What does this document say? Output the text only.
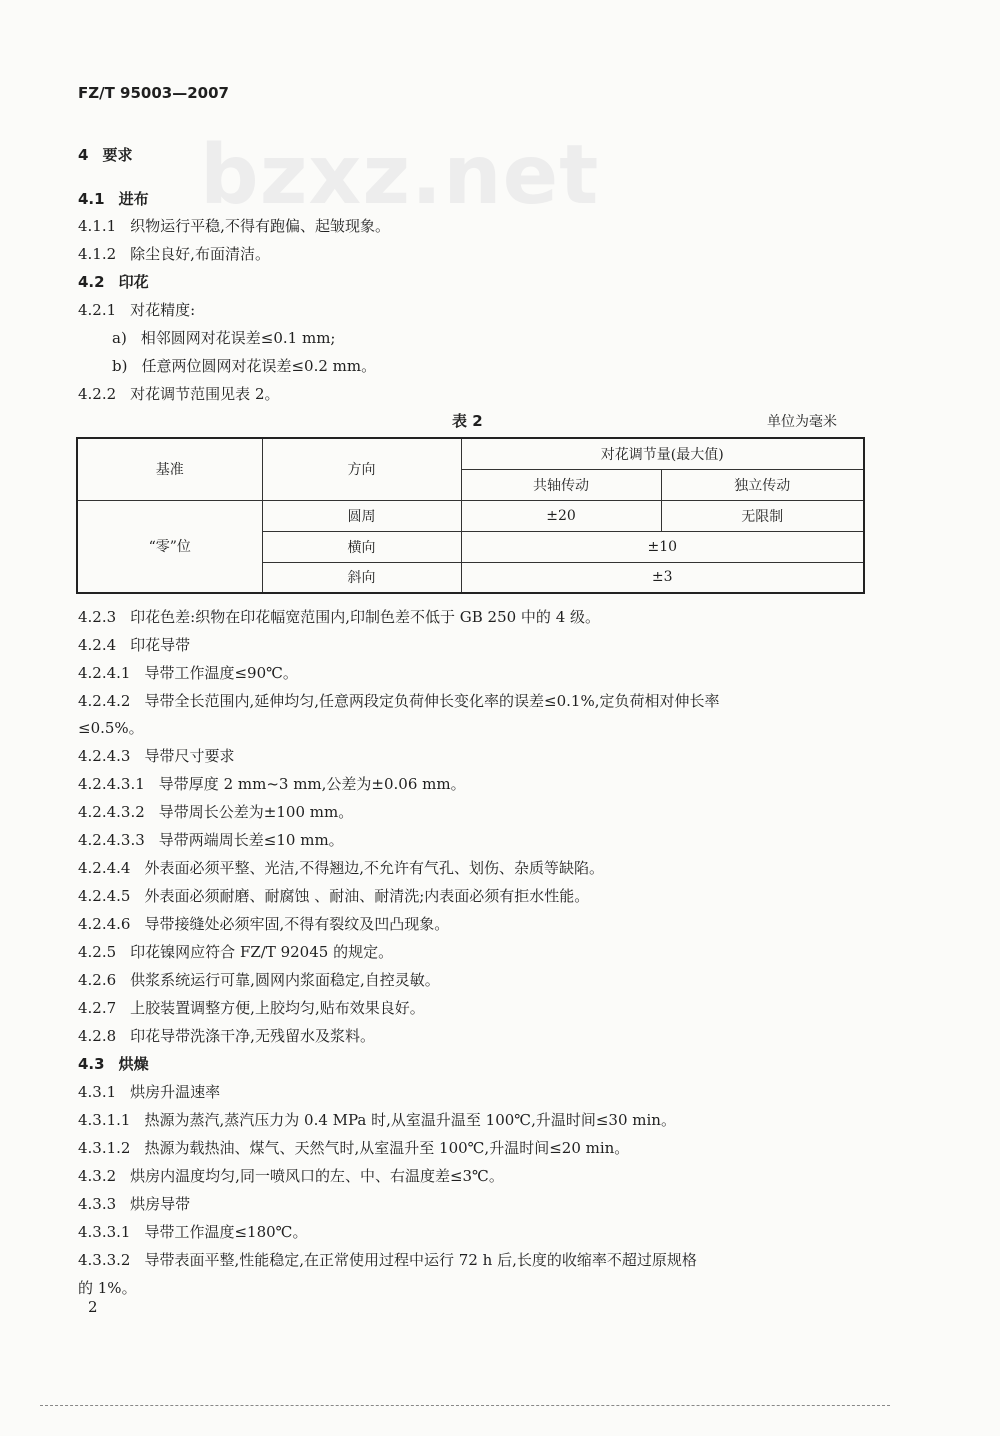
bzxz.net
FZ/T 95003—2007
4 要求
4.1 进布
4.1.1 织物运行平稳,不得有跑偏、起皱现象。
4.1.2 除尘良好,布面清洁。
4.2 印花
4.2.1 对花精度:
a) 相邻圆网对花误差≤0.1 mm;
b) 任意两位圆网对花误差≤0.2 mm。
4.2.2 对花调节范围见表 2。
4.2.3 印花色差:织物在印花幅宽范围内,印制色差不低于 GB 250 中的 4 级。
4.2.4 印花导带
4.2.4.1 导带工作温度≤90℃。
4.2.4.2 导带全长范围内,延伸均匀,任意两段定负荷伸长变化率的误差≤0.1%,定负荷相对伸长率
≤0.5%。
4.2.4.3 导带尺寸要求
4.2.4.3.1 导带厚度 2 mm~3 mm,公差为±0.06 mm。
4.2.4.3.2 导带周长公差为±100 mm。
4.2.4.3.3 导带两端周长差≤10 mm。
4.2.4.4 外表面必须平整、光洁,不得翘边,不允许有气孔、划伤、杂质等缺陷。
4.2.4.5 外表面必须耐磨、耐腐蚀 、耐油、耐清洗;内表面必须有拒水性能。
4.2.4.6 导带接缝处必须牢固,不得有裂纹及凹凸现象。
4.2.5 印花镍网应符合 FZ/T 92045 的规定。
4.2.6 供浆系统运行可靠,圆网内浆面稳定,自控灵敏。
4.2.7 上胶装置调整方便,上胶均匀,贴布效果良好。
4.2.8 印花导带洗涤干净,无残留水及浆料。
4.3 烘燥
4.3.1 烘房升温速率
4.3.1.1 热源为蒸汽,蒸汽压力为 0.4 MPa 时,从室温升温至 100℃,升温时间≤30 min。
4.3.1.2 热源为载热油、煤气、天然气时,从室温升至 100℃,升温时间≤20 min。
4.3.2 烘房内温度均匀,同一喷风口的左、中、右温度差≤3℃。
4.3.3 烘房导带
4.3.3.1 导带工作温度≤180℃。
4.3.3.2 导带表面平整,性能稳定,在正常使用过程中运行 72 h 后,长度的收缩率不超过原规格
的 1%。
表 2	单位为毫米
基准	方向	对花调节量(最大值)	
		共轴传动	独立传动
“零”位	圆周	±20	无限制
	横向	±10	
	斜向	±3	
2
